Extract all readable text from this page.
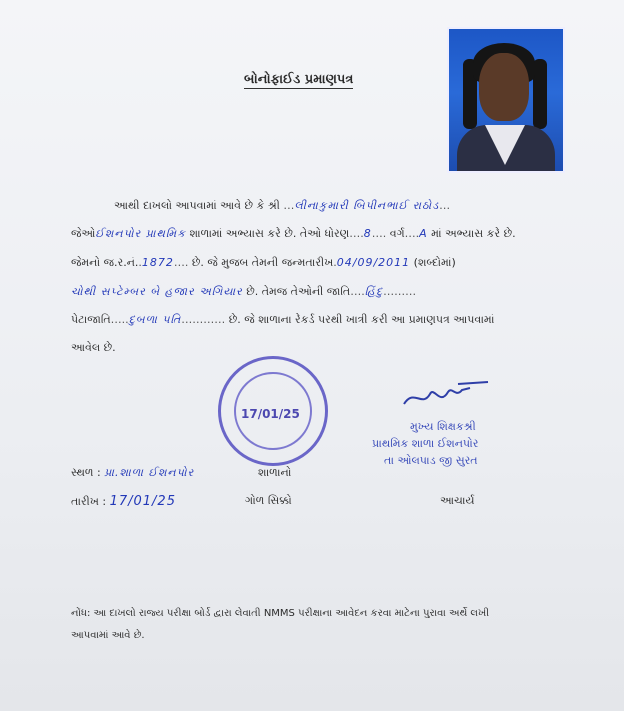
બોનોફાઈડ પ્રમાણપત્ર
આથી દાખલો આપવામાં આવે છે કે શ્રી …લીનાકુમારી બિપીનભાઈ રાઠોડ…
જેઓઈશનપોર પ્રાથમિક શાળામાં અભ્યાસ કરે છે. તેઓ ધોરણ….8…. વર્ગ….A માં અભ્યાસ કરે છે.
જેમનો જ.ર.નં..1872…. છે. જે મુજબ તેમની જન્મતારીખ.04/09/2011 (શબ્દોમાં)
ચોથી સપ્ટેમ્બર બે હજાર અગિયાર છે. તેમજ તેઓની જાતિ….હિંદુ………
પેટાજાતિ…..દુબળા પતિ………… છે. જે શાળાના રેકર્ડ પરથી ખાત્રી કરી આ પ્રમાણપત્ર આપવામાં
આવેલ છે.
17/01/25
મુખ્ય શિક્ષકશ્રી
પ્રાથમિક શાળા ઈશનપોર
તા ઓલપાડ જી સુરત
સ્થળ : પ્રા.શાળા ઈશનપોર	શાળાનો
તારીખ : 17/01/25	ગોળ સિક્કો	આચાર્ય
નોંધ: આ દાખલો રાજ્ય પરીક્ષા બોર્ડ દ્વારા લેવાતી NMMS પરીક્ષાના આવેદન કરવા માટેના પુરાવા અર્થે લખી
આપવામાં આવે છે.
